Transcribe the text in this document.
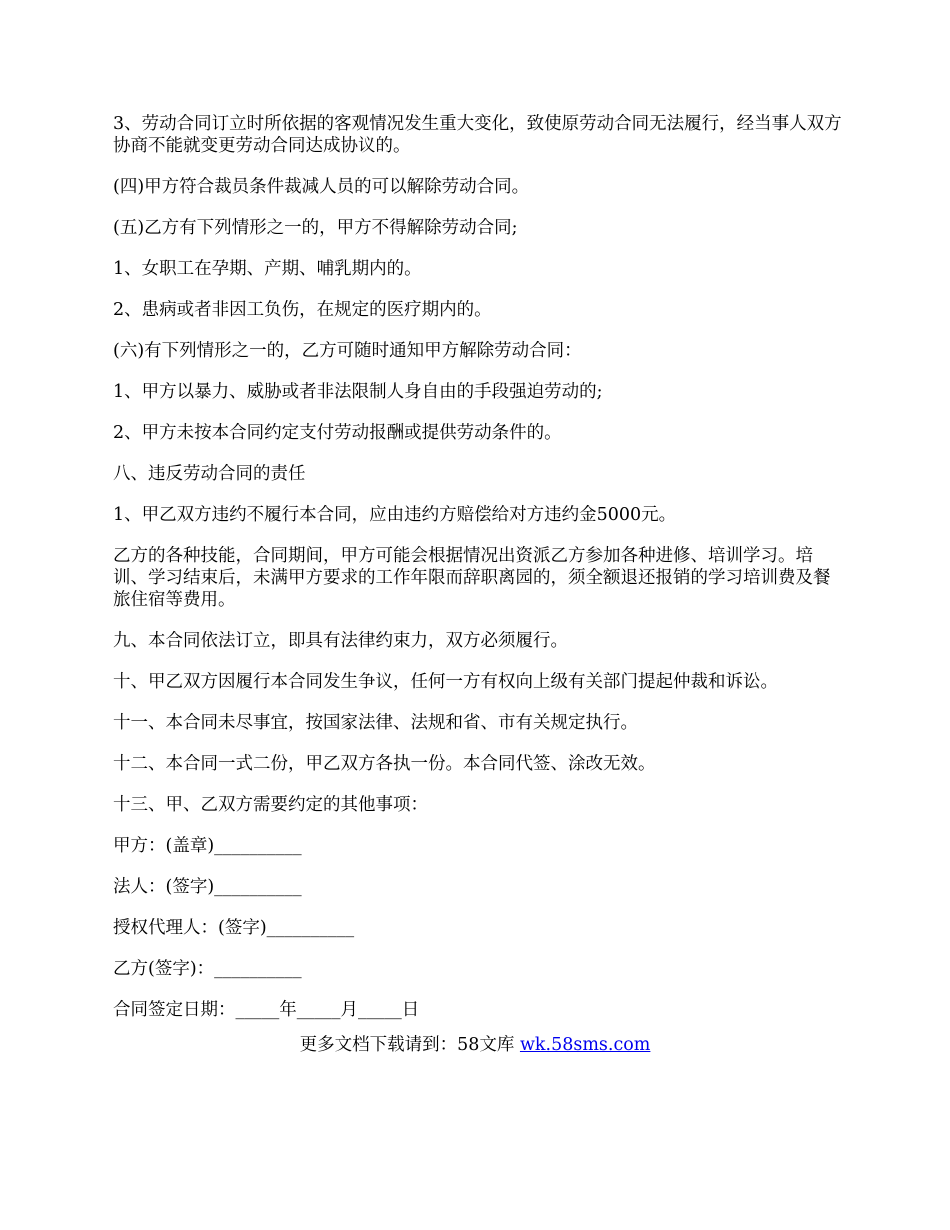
3、劳动合同订立时所依据的客观情况发生重大变化，致使原劳动合同无法履行，经当事人双方协商不能就变更劳动合同达成协议的。

(四)甲方符合裁员条件裁减人员的可以解除劳动合同。

(五)乙方有下列情形之一的，甲方不得解除劳动合同;

1、女职工在孕期、产期、哺乳期内的。

2、患病或者非因工负伤，在规定的医疗期内的。

(六)有下列情形之一的，乙方可随时通知甲方解除劳动合同：

1、甲方以暴力、威胁或者非法限制人身自由的手段强迫劳动的;

2、甲方未按本合同约定支付劳动报酬或提供劳动条件的。

八、违反劳动合同的责任

1、甲乙双方违约不履行本合同，应由违约方赔偿给对方违约金5000元。

乙方的各种技能，合同期间，甲方可能会根据情况出资派乙方参加各种进修、培训学习。培训、学习结束后，未满甲方要求的工作年限而辞职离园的，须全额退还报销的学习培训费及餐旅住宿等费用。

九、本合同依法订立，即具有法律约束力，双方必须履行。

十、甲乙双方因履行本合同发生争议，任何一方有权向上级有关部门提起仲裁和诉讼。

十一、本合同未尽事宜，按国家法律、法规和省、市有关规定执行。

十二、本合同一式二份，甲乙双方各执一份。本合同代签、涂改无效。

十三、甲、乙双方需要约定的其他事项：

甲方：(盖章)__________

法人：(签字)__________

授权代理人：(签字)__________

乙方(签字)：__________

合同签定日期：_____年_____月_____日

更多文档下载请到：58文库 wk.58sms.com
